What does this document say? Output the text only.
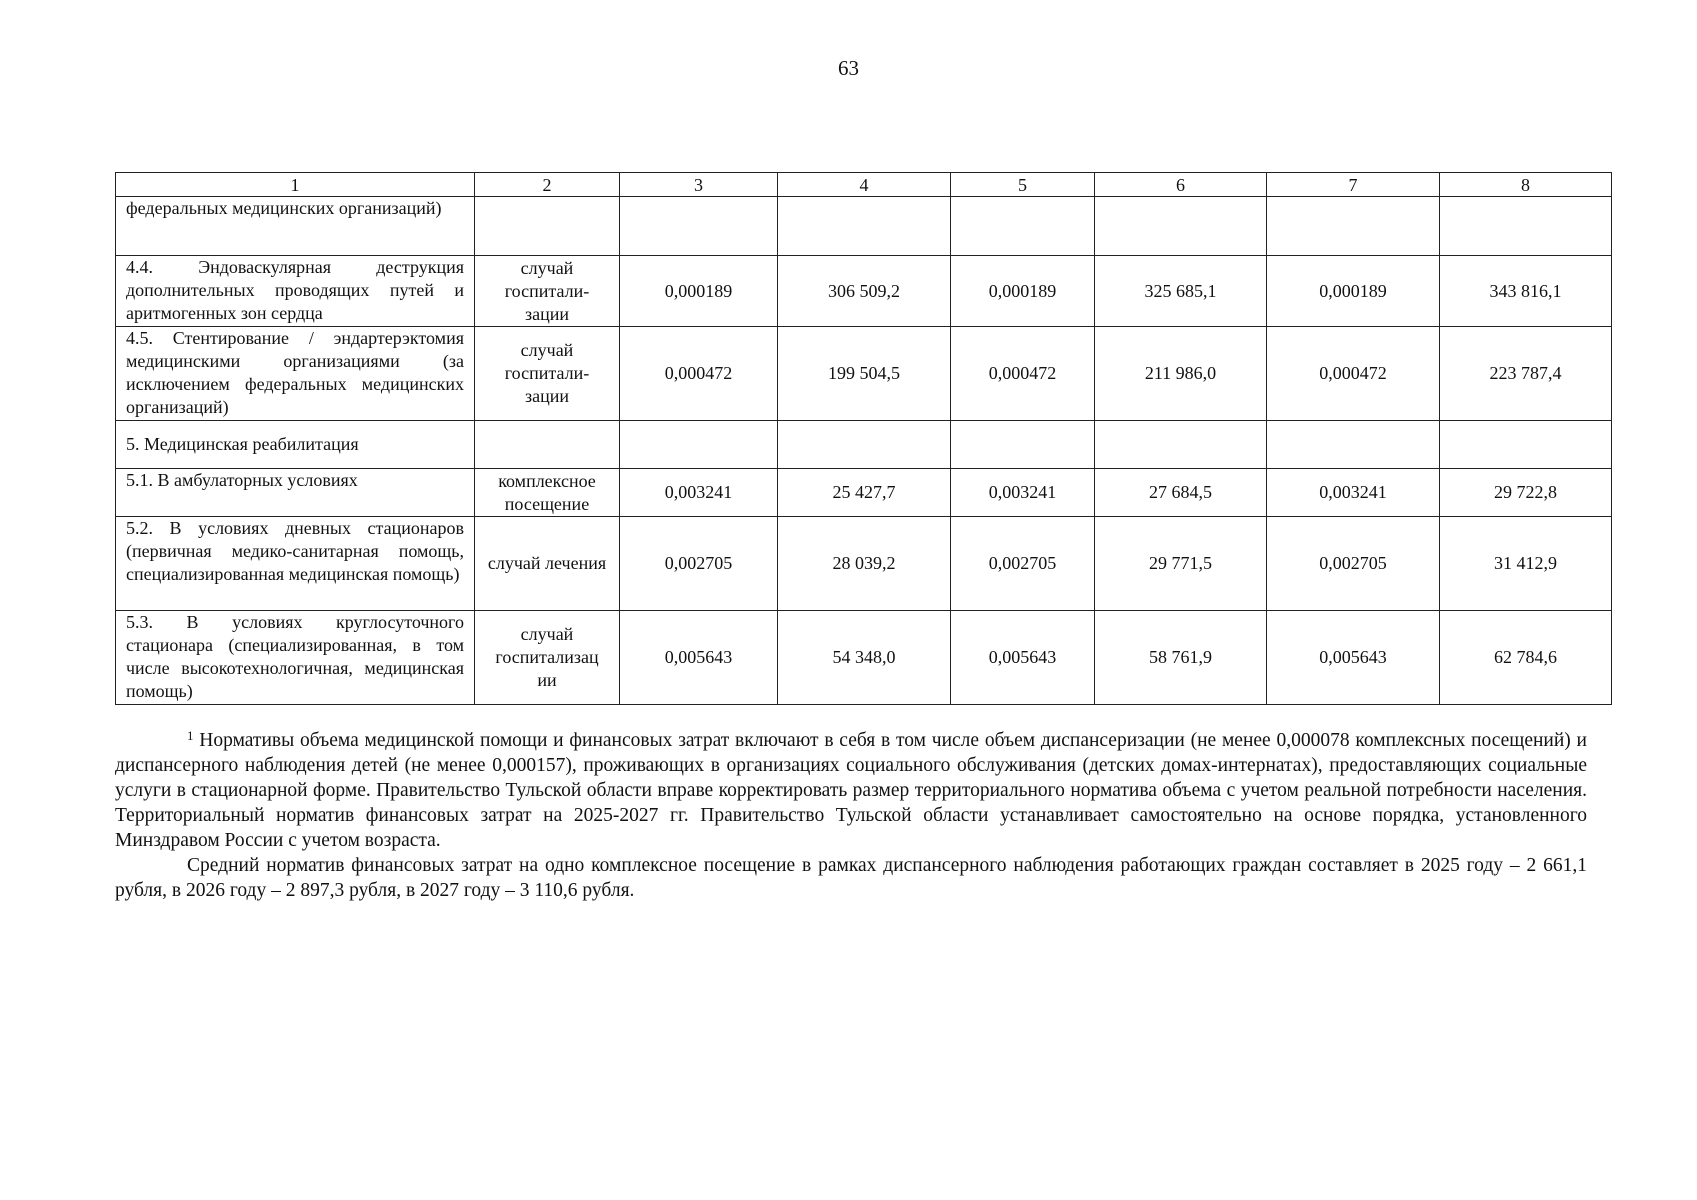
63
1	2	3	4	5	6	7	8
федеральных медицинских организаций)							
4.4. Эндоваскулярная деструкция дополнительных проводящих путей и аритмогенных зон сердца	случай госпитали-зации	0,000189	306 509,2	0,000189	325 685,1	0,000189	343 816,1
4.5. Стентирование / эндартерэктомия медицинскими организациями (за исключением федеральных медицинских организаций)	случай госпитали-зации	0,000472	199 504,5	0,000472	211 986,0	0,000472	223 787,4
5. Медицинская реабилитация							
5.1. В амбулаторных условиях	комплексное посещение	0,003241	25 427,7	0,003241	27 684,5	0,003241	29 722,8
5.2. В условиях дневных стационаров (первичная медико-санитарная помощь, специализированная медицинская помощь)	случай лечения	0,002705	28 039,2	0,002705	29 771,5	0,002705	31 412,9
5.3. В условиях круглосуточного стационара (специализированная, в том числе высокотехнологичная, медицинская помощь)	случай госпитализац ии	0,005643	54 348,0	0,005643	58 761,9	0,005643	62 784,6

$^1$ Нормативы объема медицинской помощи и финансовых затрат включают в себя в том числе объем диспансеризации (не менее 0,000078 комплексных посещений) и диспансерного наблюдения детей (не менее 0,000157), проживающих в организациях социального обслуживания (детских домах-интернатах), предоставляющих социальные услуги в стационарной форме. Правительство Тульской области вправе корректировать размер территориального норматива объема с учетом реальной потребности населения. Территориальный норматив финансовых затрат на 2025-2027 гг. Правительство Тульской области устанавливает самостоятельно на основе порядка, установленного Минздравом России с учетом возраста.

Средний норматив финансовых затрат на одно комплексное посещение в рамках диспансерного наблюдения работающих граждан составляет в 2025 году – 2 661,1 рубля, в 2026 году – 2 897,3 рубля, в 2027 году – 3 110,6 рубля.
